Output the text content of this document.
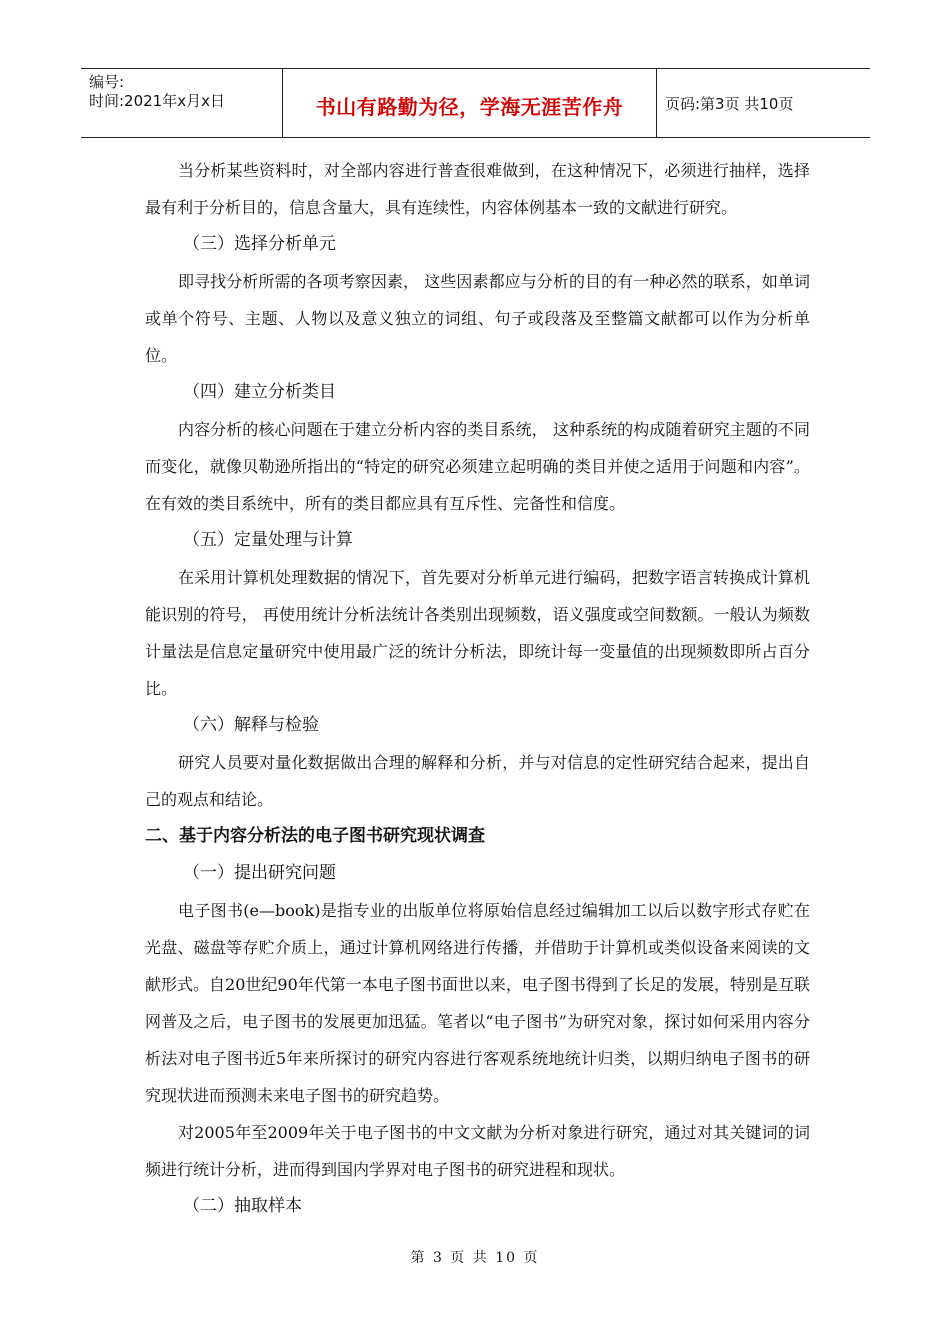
编号:
时间:2021年x月x日	书山有路勤为径，学海无涯苦作舟	页码:第3页 共10页

当分析某些资料时，对全部内容进行普查很难做到，在这种情况下，必须进行抽样，选择最有利于分析目的，信息含量大，具有连续性，内容体例基本一致的文献进行研究。

（三）选择分析单元

即寻找分析所需的各项考察因素， 这些因素都应与分析的目的有一种必然的联系，如单词或单个符号、主题、人物以及意义独立的词组、句子或段落及至整篇文献都可以作为分析单位。

（四）建立分析类目

内容分析的核心问题在于建立分析内容的类目系统， 这种系统的构成随着研究主题的不同而变化，就像贝勒逊所指出的“特定的研究必须建立起明确的类目并使之适用于问题和内容”。在有效的类目系统中，所有的类目都应具有互斥性、完备性和信度。

（五）定量处理与计算

在采用计算机处理数据的情况下，首先要对分析单元进行编码，把数字语言转换成计算机能识别的符号， 再使用统计分析法统计各类别出现频数，语义强度或空间数额。一般认为频数计量法是信息定量研究中使用最广泛的统计分析法，即统计每一变量值的出现频数即所占百分比。

（六）解释与检验

研究人员要对量化数据做出合理的解释和分析，并与对信息的定性研究结合起来，提出自己的观点和结论。

二、基于内容分析法的电子图书研究现状调查

（一）提出研究问题

电子图书(e—book)是指专业的出版单位将原始信息经过编辑加工以后以数字形式存贮在光盘、磁盘等存贮介质上，通过计算机网络进行传播，并借助于计算机或类似设备来阅读的文献形式。自20世纪90年代第一本电子图书面世以来，电子图书得到了长足的发展，特别是互联网普及之后，电子图书的发展更加迅猛。笔者以“电子图书”为研究对象，探讨如何采用内容分析法对电子图书近5年来所探讨的研究内容进行客观系统地统计归类，以期归纳电子图书的研究现状进而预测未来电子图书的研究趋势。

对2005年至2009年关于电子图书的中文文献为分析对象进行研究，通过对其关键词的词频进行统计分析，进而得到国内学界对电子图书的研究进程和现状。

（二）抽取样本

第 3 页 共 10 页
